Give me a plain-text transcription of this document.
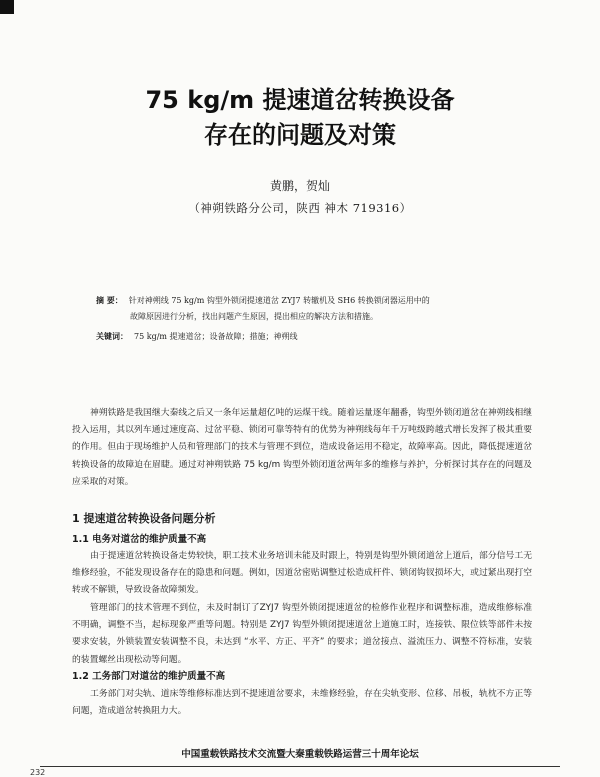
75 kg/m 提速道岔转换设备
存在的问题及对策
黄鹏，贺灿
（神朔铁路分公司，陕西 神木 719316）
摘 要： 针对神朔线 75 kg/m 钩型外锁闭提速道岔 ZYJ7 转辙机及 SH6 转换锁闭器运用中的
故障原因进行分析，找出问题产生原因，提出相应的解决方法和措施。
关键词： 75 kg/m 提速道岔；设备故障；措施；神朔线
神朔铁路是我国继大秦线之后又一条年运量超亿吨的运煤干线。随着运量逐年翻番，钩型外锁闭道岔在神朔线相继投入运用，其以列车通过速度高、过岔平稳、锁闭可靠等特有的优势为神朔线每年千万吨级跨越式增长发挥了极其重要的作用。但由于现场维护人员和管理部门的技术与管理不到位，造成设备运用不稳定，故障率高。因此，降低提速道岔转换设备的故障迫在眉睫。通过对神朔铁路 75 kg/m 钩型外锁闭道岔两年多的维修与养护，分析探讨其存在的问题及应采取的对策。
1 提速道岔转换设备问题分析
1.1 电务对道岔的维护质量不高
由于提速道岔转换设备走势较快，职工技术业务培训未能及时跟上，特别是钩型外锁闭道岔上道后，部分信号工无维修经验，不能发现设备存在的隐患和问题。例如，因道岔密贴调整过松造成杆件、锁闭钩钗损坏大，或过紧出现打空转或不解锁，导致设备故障频发。
管理部门的技术管理不到位，未及时制订了ZYJ7 钩型外锁闭提速道岔的检修作业程序和调整标准，造成维修标准不明确，调整不当，起标现象严重等问题。特别是 ZYJ7 钩型外锁闭提速道岔上道施工时，连接铁、限位铁等部件未按要求安装，外锁装置安装调整不良，未达到 “水平、方正、平齐” 的要求；道岔接点、溢流压力、调整不符标准，安装的装置螺丝出现松动等问题。
1.2 工务部门对道岔的维护质量不高
工务部门对尖轨、道床等维修标准达到不提速道岔要求，未维修经验，存在尖轨变形、位移、吊板，轨枕不方正等问题，造成道岔转换阻力大。
中国重载铁路技术交流暨大秦重载铁路运营三十周年论坛
232
